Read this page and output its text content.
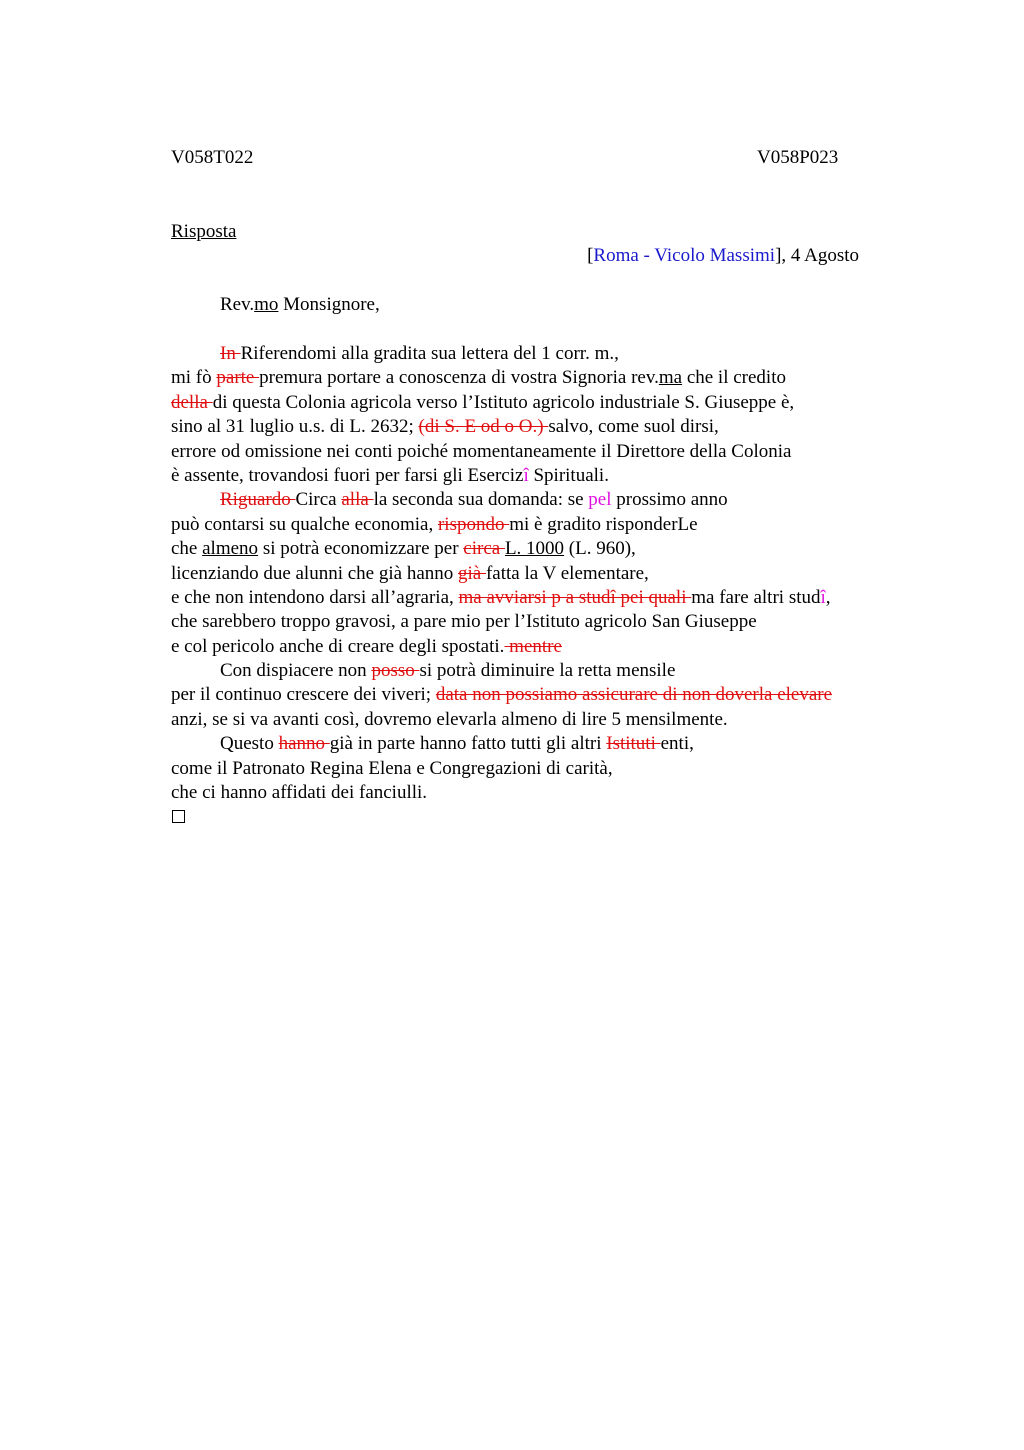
V058T022	V058P023
Risposta
[Roma - Vicolo Massimi], 4 Agosto
Rev.mo Monsignore,
In Riferendomi alla gradita sua lettera del 1 corr. m.,
mi fò parte premura portare a conoscenza di vostra Signoria rev.ma che il credito
della di questa Colonia agricola verso l’Istituto agricolo industriale S. Giuseppe è,
sino al 31 luglio u.s. di L. 2632; (di S. E od o O.) salvo, come suol dirsi,
errore od omissione nei conti poiché momentaneamente il Direttore della Colonia
è assente, trovandosi fuori per farsi gli Esercizî Spirituali.
Riguardo Circa alla la seconda sua domanda: se pel prossimo anno
può contarsi su qualche economia, rispondo mi è gradito risponderLe
che almeno si potrà economizzare per circa L. 1000 (L. 960),
licenziando due alunni che già hanno già fatta la V elementare,
e che non intendono darsi all’agraria, ma avviarsi p a studî pei quali ma fare altri studî,
che sarebbero troppo gravosi, a pare mio per l’Istituto agricolo San Giuseppe
e col pericolo anche di creare degli spostati. mentre
Con dispiacere non posso si potrà diminuire la retta mensile
per il continuo crescere dei viveri; data non possiamo assicurare di non doverla elevare
anzi, se si va avanti così, dovremo elevarla almeno di lire 5 mensilmente.
Questo hanno già in parte hanno fatto tutti gli altri Istituti enti,
come il Patronato Regina Elena e Congregazioni di carità,
che ci hanno affidati dei fanciulli.
